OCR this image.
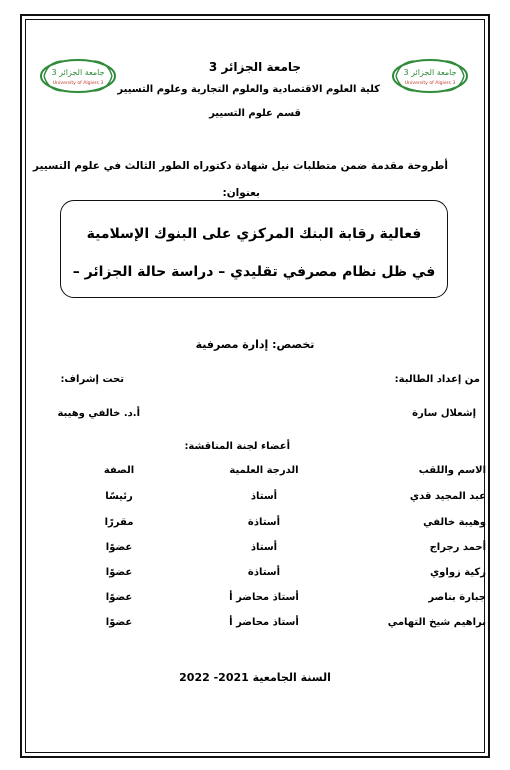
جامعة الجزائر 3
University of Algiers 3
جامعة الجزائر 3
University of Algiers 3
جامعة الجزائر 3
كلية العلوم الاقتصادية والعلوم التجارية وعلوم التسيير
قسم علوم التسيير
أطروحة مقدمة ضمن متطلبات نيل شهادة دكتوراه الطور الثالث في علوم التسيير
بعنوان:
فعالية رقابة البنك المركزي على البنوك الإسلامية
في ظل نظام مصرفي تقليدي – دراسة حالة الجزائر –
تخصص: إدارة مصرفية
من إعداد الطالبة:
تحت إشراف:
إشعلال سارة
أ.د. خالفي وهيبة
أعضاء لجنة المناقشة:
الاسم واللقب
الدرجة العلمية
الصفة
عبد المجيد قدي
أستاذ
رئيسًا
وهيبة خالفي
أستاذة
مقررًا
أحمد رجراج
أستاذ
عضوًا
زكية زواوي
أستاذة
عضوًا
جبارة بناصر
أستاذ محاضر أ
عضوًا
براهيم شيخ التهامي
أستاذ محاضر أ
عضوًا
السنة الجامعية 2021- 2022
